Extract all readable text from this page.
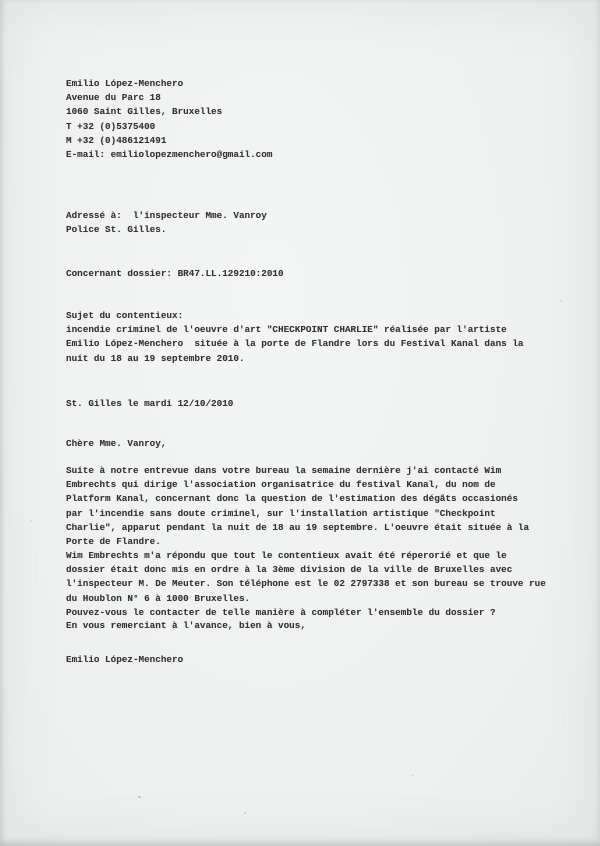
Emilio López-Menchero
Avenue du Parc 18
1060 Saint Gilles, Bruxelles
T +32 (0)5375400
M +32 (0)486121491
E-mail: emiliolopezmenchero@gmail.com
Adressé à:  l'inspecteur Mme. Vanroy
Police St. Gilles.
Concernant dossier: BR47.LL.129210:2010
Sujet du contentieux:
incendie criminel de l'oeuvre d'art "CHECKPOINT CHARLIE" réalisée par l'artiste
Emilio López-Menchero  située à la porte de Flandre lors du Festival Kanal dans la
nuit du 18 au 19 septembre 2010.
St. Gilles le mardi 12/10/2010
Chère Mme. Vanroy,
Suite à notre entrevue dans votre bureau la semaine dernière j'ai contacté Wim
Embrechts qui dirige l'association organisatrice du festival Kanal, du nom de
Platform Kanal, concernant donc la question de l'estimation des dégâts occasionés
par l'incendie sans doute criminel, sur l'installation artistique "Checkpoint
Charlie", apparut pendant la nuit de 18 au 19 septembre. L'oeuvre était située à la
Porte de Flandre.
Wim Embrechts m'a répondu que tout le contentieux avait été réperorié et que le
dossier était donc mis en ordre à la 3ème division de la ville de Bruxelles avec
l'inspecteur M. De Meuter. Son téléphone est le 02 2797338 et son bureau se trouve rue
du Houblon N° 6 à 1000 Bruxelles.
Pouvez-vous le contacter de telle manière à compléter l'ensemble du dossier ?
En vous remerciant à l'avance, bien à vous,
Emilio López-Menchero
